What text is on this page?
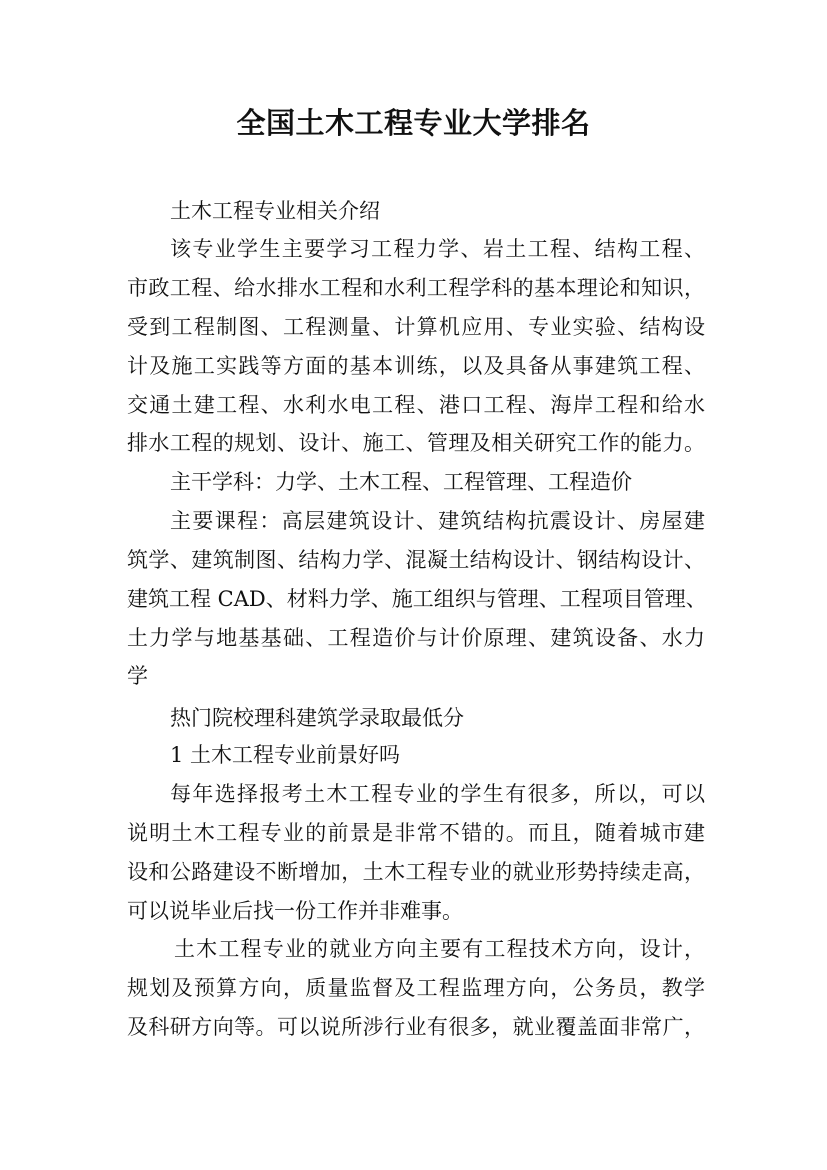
全国土木工程专业大学排名

土木工程专业相关介绍

该专业学生主要学习工程力学、岩土工程、结构工程、

市政工程、给水排水工程和水利工程学科的基本理论和知识，

受到工程制图、工程测量、计算机应用、专业实验、结构设

计及施工实践等方面的基本训练，以及具备从事建筑工程、

交通土建工程、水利水电工程、港口工程、海岸工程和给水

排水工程的规划、设计、施工、管理及相关研究工作的能力。

主干学科：力学、土木工程、工程管理、工程造价

主要课程：高层建筑设计、建筑结构抗震设计、房屋建

筑学、建筑制图、结构力学、混凝土结构设计、钢结构设计、

建筑工程 CAD、材料力学、施工组织与管理、工程项目管理、

土力学与地基基础、工程造价与计价原理、建筑设备、水力

学

热门院校理科建筑学录取最低分

1 土木工程专业前景好吗

每年选择报考土木工程专业的学生有很多，所以，可以

说明土木工程专业的前景是非常不错的。而且，随着城市建

设和公路建设不断增加，土木工程专业的就业形势持续走高，

可以说毕业后找一份工作并非难事。

土木工程专业的就业方向主要有工程技术方向，设计，

规划及预算方向，质量监督及工程监理方向，公务员，教学

及科研方向等。可以说所涉行业有很多，就业覆盖面非常广，
